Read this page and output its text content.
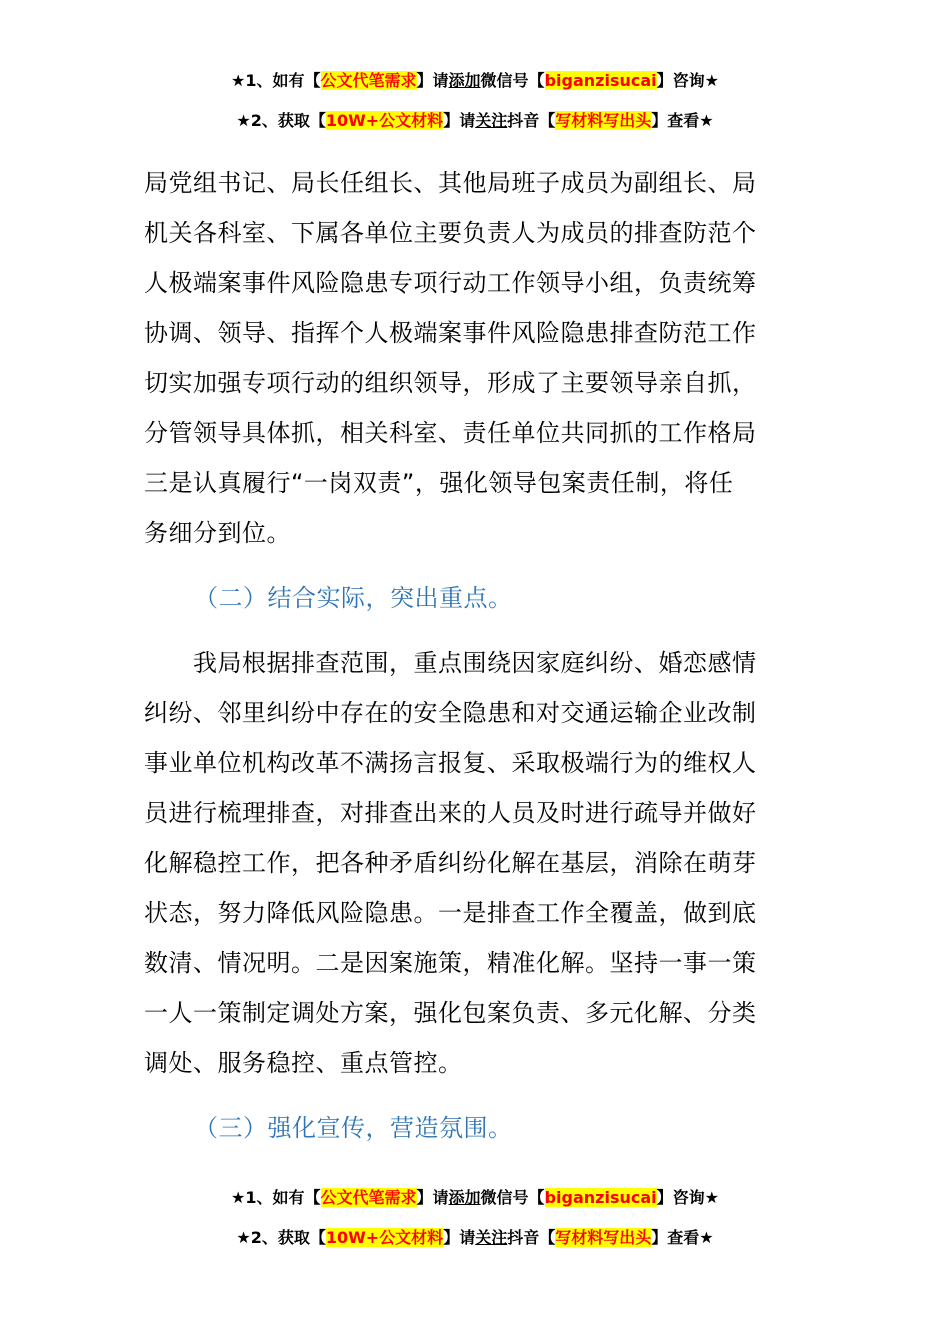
★1、如有【公文代笔需求】请添加微信号【biganzisucai】咨询★
★2、获取【10W+公文材料】请关注抖音【写材料写出头】查看★
局党组书记、局长任组长、其他局班子成员为副组长、局
机关各科室、下属各单位主要负责人为成员的排查防范个
人极端案事件风险隐患专项行动工作领导小组，负责统筹
协调、领导、指挥个人极端案事件风险隐患排查防范工作
切实加强专项行动的组织领导，形成了主要领导亲自抓，
分管领导具体抓，相关科室、责任单位共同抓的工作格局
三是认真履行“一岗双责”，强化领导包案责任制，将任
务细分到位。
（二）结合实际，突出重点。
　　我局根据排查范围，重点围绕因家庭纠纷、婚恋感情
纠纷、邻里纠纷中存在的安全隐患和对交通运输企业改制
事业单位机构改革不满扬言报复、采取极端行为的维权人
员进行梳理排查，对排查出来的人员及时进行疏导并做好
化解稳控工作，把各种矛盾纠纷化解在基层，消除在萌芽
状态，努力降低风险隐患。一是排查工作全覆盖，做到底
数清、情况明。二是因案施策，精准化解。坚持一事一策
一人一策制定调处方案，强化包案负责、多元化解、分类
调处、服务稳控、重点管控。
（三）强化宣传，营造氛围。
★1、如有【公文代笔需求】请添加微信号【biganzisucai】咨询★
★2、获取【10W+公文材料】请关注抖音【写材料写出头】查看★
